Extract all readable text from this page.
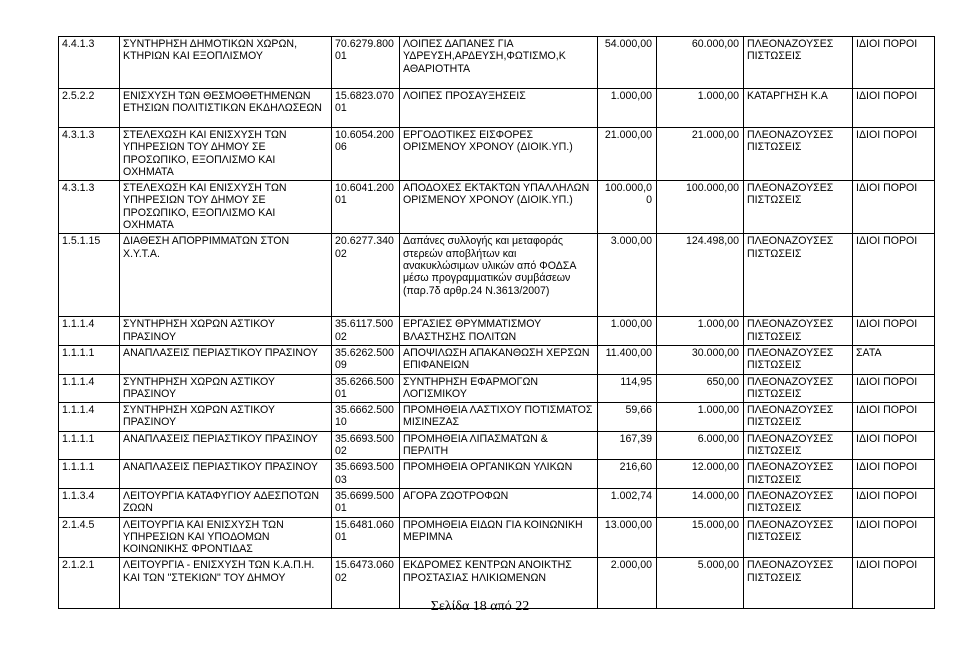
4.4.1.3	ΣΥΝΤΗΡΗΣΗ ΔΗΜΟΤΙΚΩΝ ΧΩΡΩΝ, ΚΤΗΡΙΩΝ ΚΑΙ ΕΞΟΠΛΙΣΜΟΥ	70.6279.80001	ΛΟΙΠΕΣ ΔΑΠΑΝΕΣ ΓΙΑ ΥΔΡΕΥΣΗ,ΑΡΔΕΥΣΗ,ΦΩΤΙΣΜΟ,Κ ΑΘΑΡΙΟΤΗΤΑ	54.000,00	60.000,00	ΠΛΕΟΝΑΖΟΥΣΕΣ ΠΙΣΤΩΣΕΙΣ	ΙΔΙΟΙ ΠΟΡΟΙ
2.5.2.2	ΕΝΙΣΧΥΣΗ ΤΩΝ ΘΕΣΜΟΘΕΤΗΜΕΝΩΝ ΕΤΗΣΙΩΝ ΠΟΛΙΤΙΣΤΙΚΩΝ ΕΚΔΗΛΩΣΕΩΝ	15.6823.07001	ΛΟΙΠΕΣ ΠΡΟΣΑΥΞΗΣΕΙΣ	1.000,00	1.000,00	ΚΑΤΑΡΓΗΣΗ Κ.Α	ΙΔΙΟΙ ΠΟΡΟΙ
4.3.1.3	ΣΤΕΛΕΧΩΣΗ ΚΑΙ ΕΝΙΣΧΥΣΗ ΤΩΝ ΥΠΗΡΕΣΙΩΝ ΤΟΥ ΔΗΜΟΥ ΣΕ ΠΡΟΣΩΠΙΚΟ, ΕΞΟΠΛΙΣΜΟ ΚΑΙ ΟΧΗΜΑΤΑ	10.6054.20006	ΕΡΓΟΔΟΤΙΚΕΣ ΕΙΣΦΟΡΕΣ ΟΡΙΣΜΕΝΟΥ ΧΡΟΝΟΥ (ΔΙΟΙΚ.ΥΠ.)	21.000,00	21.000,00	ΠΛΕΟΝΑΖΟΥΣΕΣ ΠΙΣΤΩΣΕΙΣ	ΙΔΙΟΙ ΠΟΡΟΙ
4.3.1.3	ΣΤΕΛΕΧΩΣΗ ΚΑΙ ΕΝΙΣΧΥΣΗ ΤΩΝ ΥΠΗΡΕΣΙΩΝ ΤΟΥ ΔΗΜΟΥ ΣΕ ΠΡΟΣΩΠΙΚΟ, ΕΞΟΠΛΙΣΜΟ ΚΑΙ ΟΧΗΜΑΤΑ	10.6041.20001	ΑΠΟΔΟΧΕΣ ΕΚΤΑΚΤΩΝ ΥΠΑΛΛΗΛΩΝ ΟΡΙΣΜΕΝΟΥ ΧΡΟΝΟΥ (ΔΙΟΙΚ.ΥΠ.)	100.000,0 0	100.000,00	ΠΛΕΟΝΑΖΟΥΣΕΣ ΠΙΣΤΩΣΕΙΣ	ΙΔΙΟΙ ΠΟΡΟΙ
1.5.1.15	ΔΙΑΘΕΣΗ ΑΠΟΡΡΙΜΜΑΤΩΝ ΣΤΟΝ Χ.Υ.Τ.Α.	20.6277.34002	Δαπάνες συλλογής και μεταφοράς στερεών αποβλήτων και ανακυκλώσιμων υλικών από ΦΟΔΣΑ μέσω προγραμματικών συμβάσεων (παρ.7δ αρθρ.24 Ν.3613/2007)	3.000,00	124.498,00	ΠΛΕΟΝΑΖΟΥΣΕΣ ΠΙΣΤΩΣΕΙΣ	ΙΔΙΟΙ ΠΟΡΟΙ
1.1.1.4	ΣΥΝΤΗΡΗΣΗ ΧΩΡΩΝ ΑΣΤΙΚΟΥ ΠΡΑΣΙΝΟΥ	35.6117.50002	ΕΡΓΑΣΙΕΣ ΘΡΥΜΜΑΤΙΣΜΟΥ ΒΛΑΣΤΗΣΗΣ ΠΟΛΙΤΩΝ	1.000,00	1.000,00	ΠΛΕΟΝΑΖΟΥΣΕΣ ΠΙΣΤΩΣΕΙΣ	ΙΔΙΟΙ ΠΟΡΟΙ
1.1.1.1	ΑΝΑΠΛΑΣΕΙΣ ΠΕΡΙΑΣΤΙΚΟΥ ΠΡΑΣΙΝΟΥ	35.6262.50009	ΑΠΟΨΙΛΩΣΗ ΑΠΑΚΑΝΘΩΣΗ ΧΕΡΣΩΝ ΕΠΙΦΑΝΕΙΩΝ	11.400,00	30.000,00	ΠΛΕΟΝΑΖΟΥΣΕΣ ΠΙΣΤΩΣΕΙΣ	ΣΑΤΑ
1.1.1.4	ΣΥΝΤΗΡΗΣΗ ΧΩΡΩΝ ΑΣΤΙΚΟΥ ΠΡΑΣΙΝΟΥ	35.6266.50001	ΣΥΝΤΗΡΗΣΗ ΕΦΑΡΜΟΓΩΝ ΛΟΓΙΣΜΙΚΟΥ	114,95	650,00	ΠΛΕΟΝΑΖΟΥΣΕΣ ΠΙΣΤΩΣΕΙΣ	ΙΔΙΟΙ ΠΟΡΟΙ
1.1.1.4	ΣΥΝΤΗΡΗΣΗ ΧΩΡΩΝ ΑΣΤΙΚΟΥ ΠΡΑΣΙΝΟΥ	35.6662.50010	ΠΡΟΜΗΘΕΙΑ ΛΑΣΤΙΧΟΥ ΠΟΤΙΣΜΑΤΟΣ ΜΙΣΙΝΕΖΑΣ	59,66	1.000,00	ΠΛΕΟΝΑΖΟΥΣΕΣ ΠΙΣΤΩΣΕΙΣ	ΙΔΙΟΙ ΠΟΡΟΙ
1.1.1.1	ΑΝΑΠΛΑΣΕΙΣ ΠΕΡΙΑΣΤΙΚΟΥ ΠΡΑΣΙΝΟΥ	35.6693.50002	ΠΡΟΜΗΘΕΙΑ ΛΙΠΑΣΜΑΤΩΝ & ΠΕΡΛΙΤΗ	167,39	6.000,00	ΠΛΕΟΝΑΖΟΥΣΕΣ ΠΙΣΤΩΣΕΙΣ	ΙΔΙΟΙ ΠΟΡΟΙ
1.1.1.1	ΑΝΑΠΛΑΣΕΙΣ ΠΕΡΙΑΣΤΙΚΟΥ ΠΡΑΣΙΝΟΥ	35.6693.50003	ΠΡΟΜΗΘΕΙΑ ΟΡΓΑΝΙΚΩΝ ΥΛΙΚΩΝ	216,60	12.000,00	ΠΛΕΟΝΑΖΟΥΣΕΣ ΠΙΣΤΩΣΕΙΣ	ΙΔΙΟΙ ΠΟΡΟΙ
1.1.3.4	ΛΕΙΤΟΥΡΓΙΑ ΚΑΤΑΦΥΓΙΟΥ ΑΔΕΣΠΟΤΩΝ ΖΩΩΝ	35.6699.50001	ΑΓΟΡΑ ΖΩΟΤΡΟΦΩΝ	1.002,74	14.000,00	ΠΛΕΟΝΑΖΟΥΣΕΣ ΠΙΣΤΩΣΕΙΣ	ΙΔΙΟΙ ΠΟΡΟΙ
2.1.4.5	ΛΕΙΤΟΥΡΓΙΑ ΚΑΙ ΕΝΙΣΧΥΣΗ ΤΩΝ ΥΠΗΡΕΣΙΩΝ ΚΑΙ ΥΠΟΔΟΜΩΝ ΚΟΙΝΩΝΙΚΗΣ ΦΡΟΝΤΙΔΑΣ	15.6481.06001	ΠΡΟΜΗΘΕΙΑ ΕΙΔΩΝ ΓΙΑ ΚΟΙΝΩΝΙΚΗ ΜΕΡΙΜΝΑ	13.000,00	15.000,00	ΠΛΕΟΝΑΖΟΥΣΕΣ ΠΙΣΤΩΣΕΙΣ	ΙΔΙΟΙ ΠΟΡΟΙ
2.1.2.1	ΛΕΙΤΟΥΡΓΙΑ - ΕΝΙΣΧΥΣΗ ΤΩΝ Κ.Α.Π.Η. ΚΑΙ ΤΩΝ "ΣΤΕΚΙΩΝ" ΤΟΥ ΔΗΜΟΥ	15.6473.06002	ΕΚΔΡΟΜΕΣ ΚΕΝΤΡΩΝ ΑΝΟΙΚΤΗΣ ΠΡΟΣΤΑΣΙΑΣ ΗΛΙΚΙΩΜΕΝΩΝ	2.000,00	5.000,00	ΠΛΕΟΝΑΖΟΥΣΕΣ ΠΙΣΤΩΣΕΙΣ	ΙΔΙΟΙ ΠΟΡΟΙ
Σελίδα 18 από 22
